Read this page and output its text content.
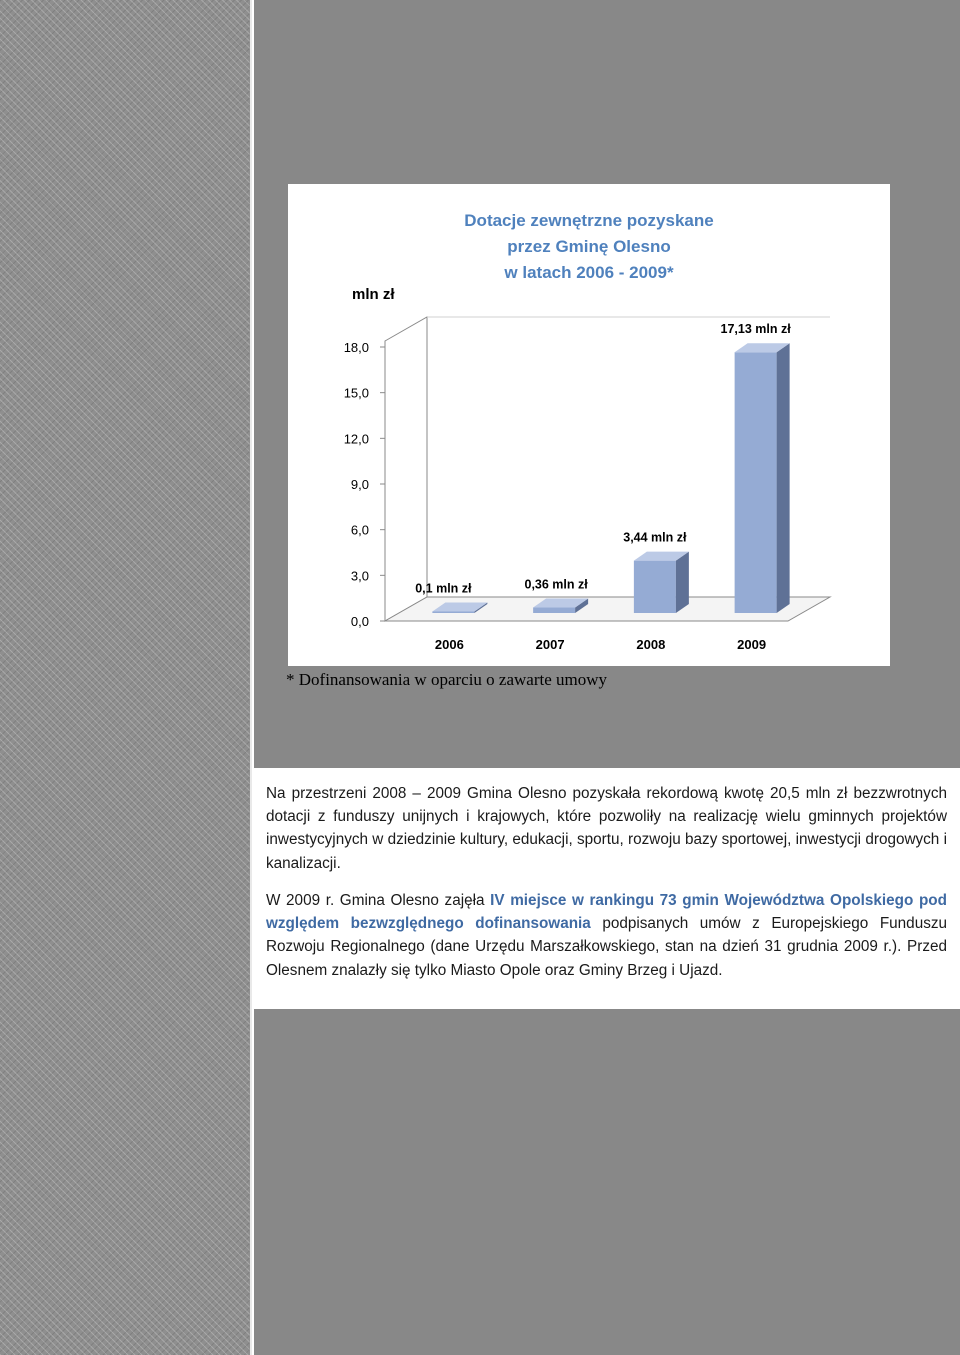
Dotacje zewnętrzne pozyskane
przez Gminę Olesno
w latach 2006 - 2009*
mln zł
0,0
3,0
6,0
9,0
12,0
15,0
18,0
0,1 mln zł
2006
0,36 mln zł
2007
3,44 mln zł
2008
17,13 mln zł
2009
* Dofinansowania w oparciu o zawarte umowy

Na przestrzeni 2008 – 2009 Gmina Olesno pozyskała rekordową kwotę 20,5 mln zł bezzwrotnych dotacji z funduszy unijnych i krajowych, które pozwoliły na realizację wielu gminnych projektów inwestycyjnych w dziedzinie kultury, edukacji, sportu, rozwoju bazy sportowej, inwestycji drogowych i kanalizacji.

W 2009 r. Gmina Olesno zajęła IV miejsce w rankingu 73 gmin Województwa Opolskiego pod względem bezwzględnego dofinansowania podpisanych umów z Europejskiego Funduszu Rozwoju Regionalnego (dane Urzędu Marszałkowskiego, stan na dzień 31 grudnia 2009 r.). Przed Olesnem znalazły się tylko Miasto Opole oraz Gminy Brzeg i Ujazd.
